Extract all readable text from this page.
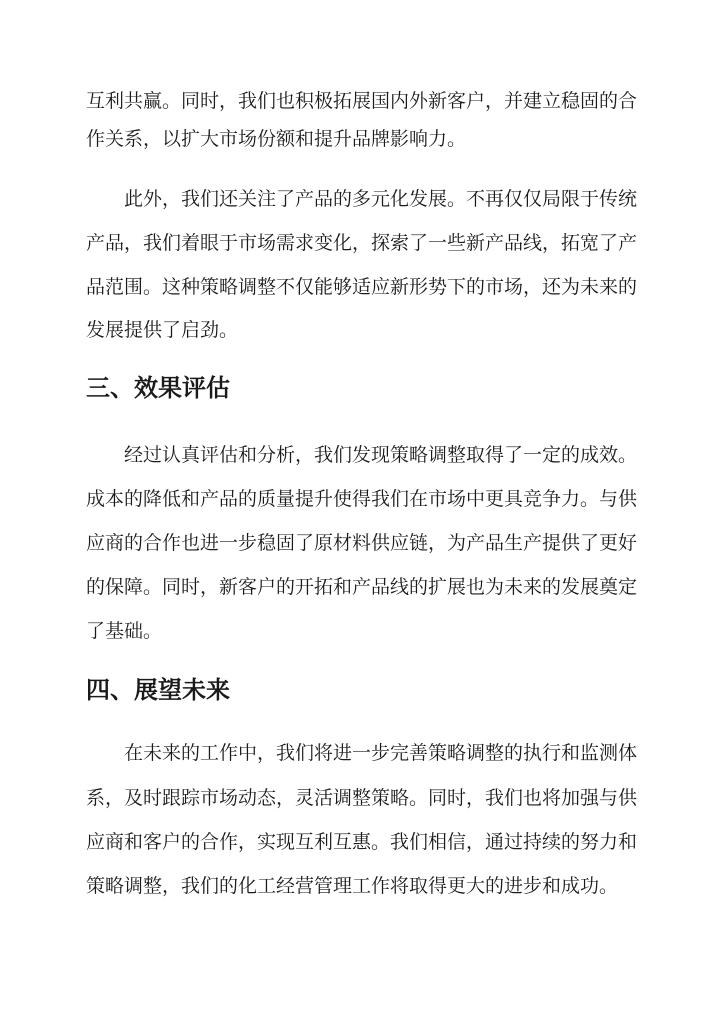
互利共赢。同时，我们也积极拓展国内外新客户，并建立稳固的合
作关系，以扩大市场份额和提升品牌影响力。
此外，我们还关注了产品的多元化发展。不再仅仅局限于传统
产品，我们着眼于市场需求变化，探索了一些新产品线，拓宽了产
品范围。这种策略调整不仅能够适应新形势下的市场，还为未来的
发展提供了启劲。
三、效果评估
经过认真评估和分析，我们发现策略调整取得了一定的成效。
成本的降低和产品的质量提升使得我们在市场中更具竞争力。与供
应商的合作也进一步稳固了原材料供应链，为产品生产提供了更好
的保障。同时，新客户的开拓和产品线的扩展也为未来的发展奠定
了基础。
四、展望未来
在未来的工作中，我们将进一步完善策略调整的执行和监测体
系，及时跟踪市场动态，灵活调整策略。同时，我们也将加强与供
应商和客户的合作，实现互利互惠。我们相信，通过持续的努力和
策略调整，我们的化工经营管理工作将取得更大的进步和成功。
